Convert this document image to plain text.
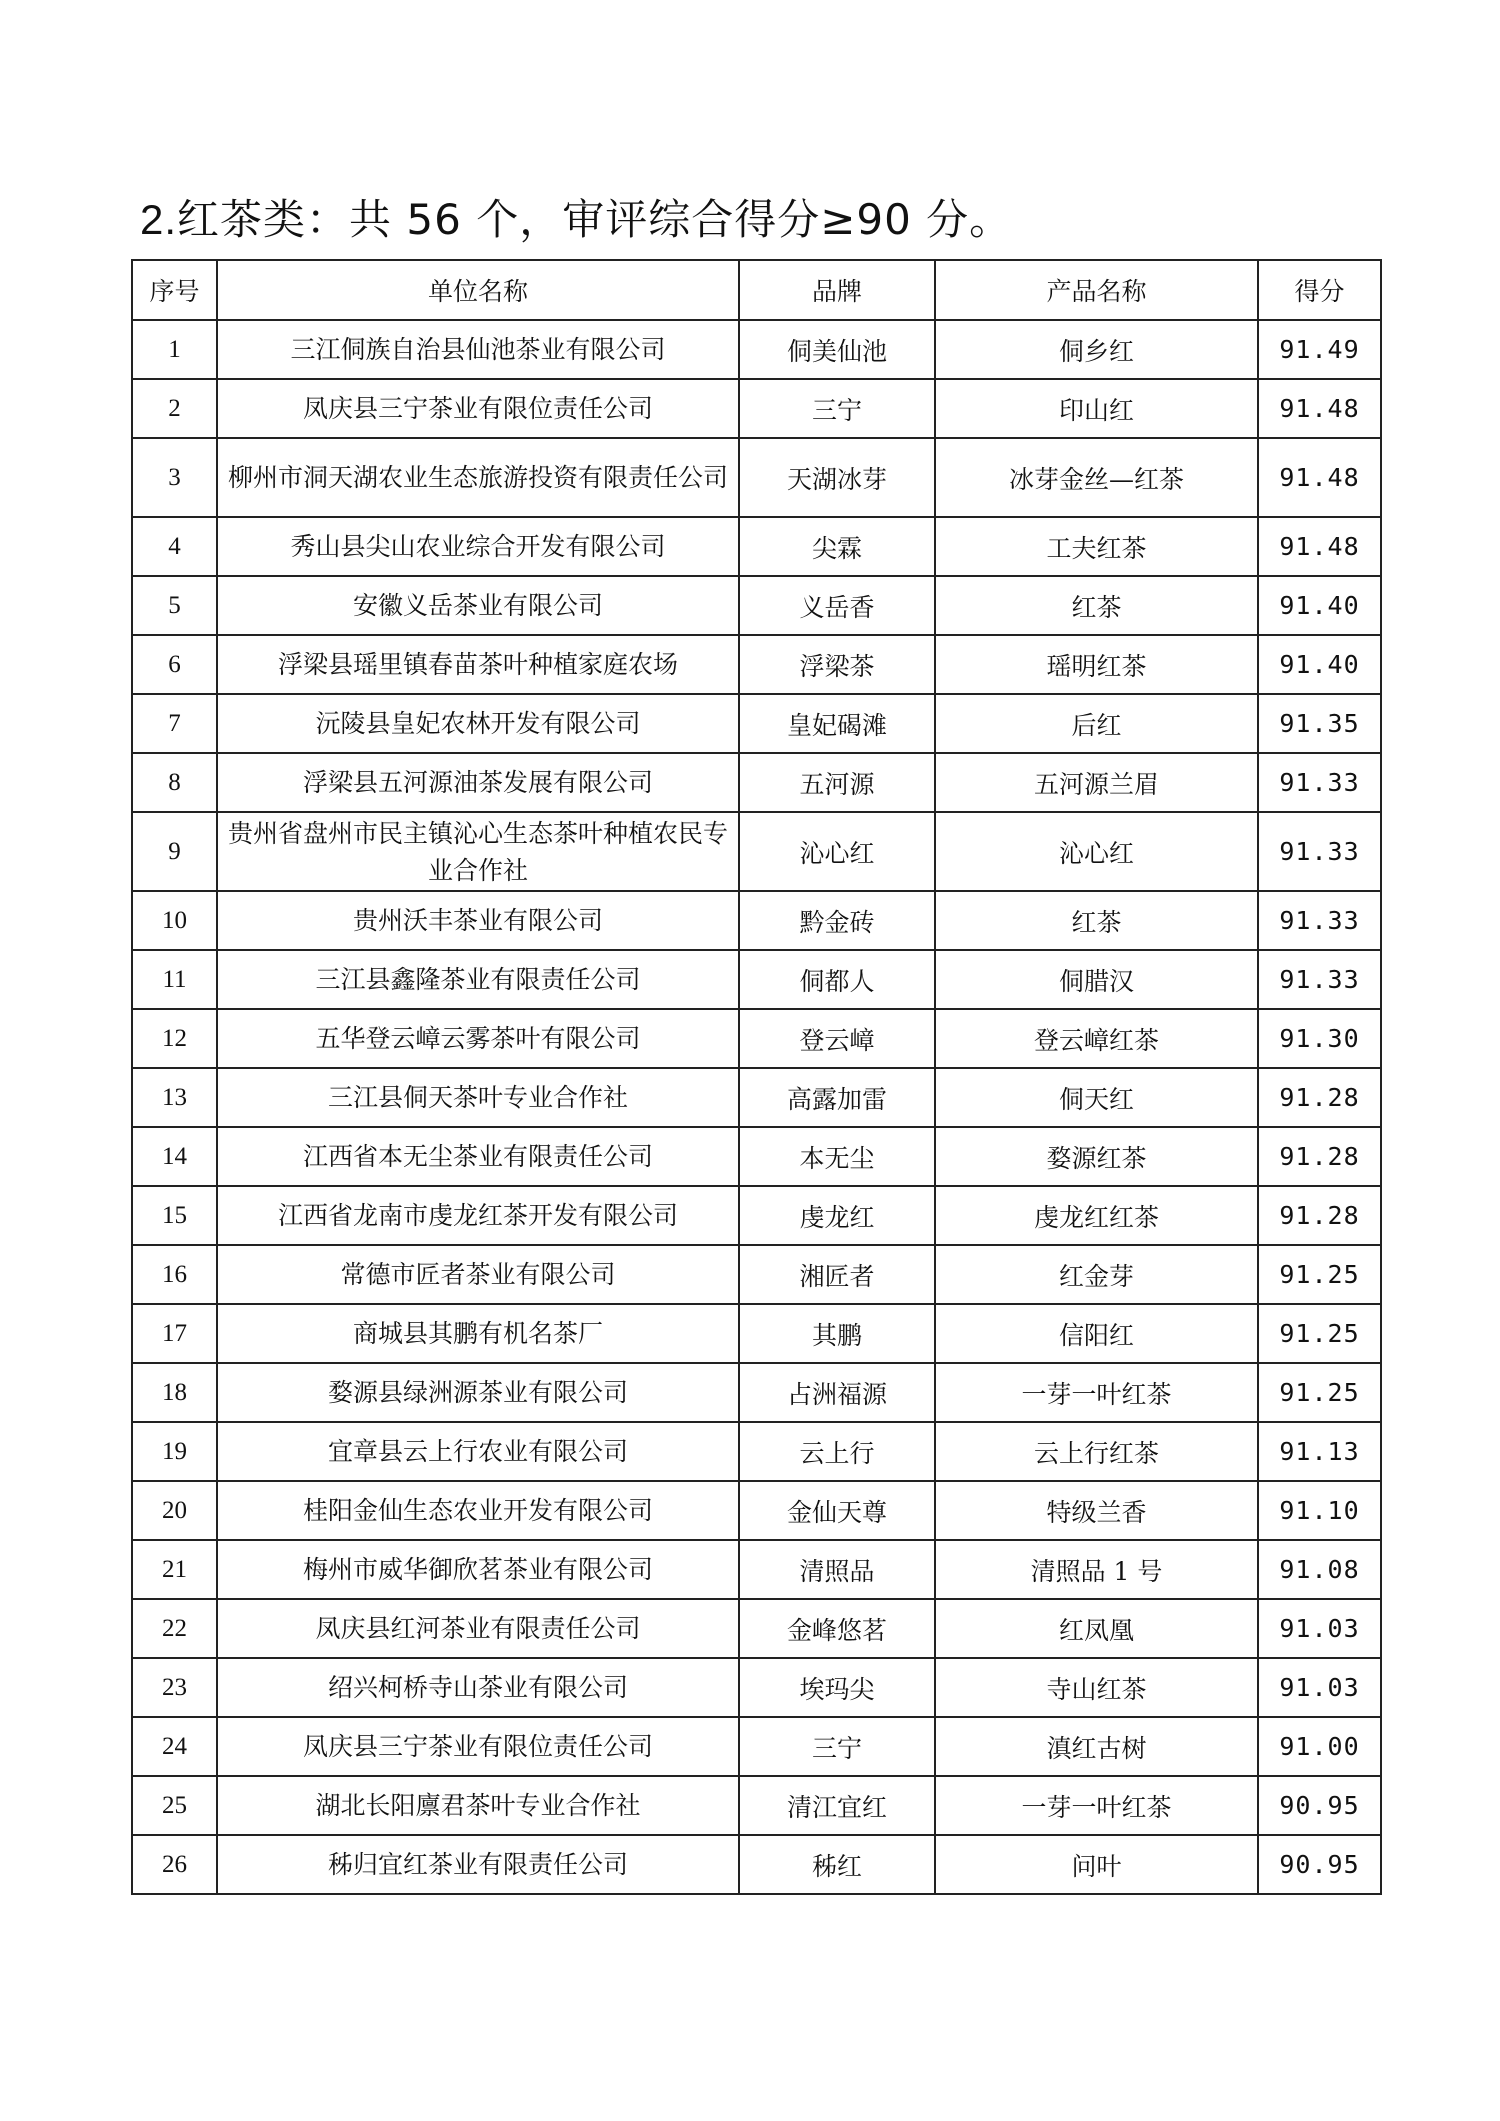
2.红茶类：共 56 个，审评综合得分≥90 分。
序号	单位名称	品牌	产品名称	得分
1	三江侗族自治县仙池茶业有限公司	侗美仙池	侗乡红	91.49
2	凤庆县三宁茶业有限位责任公司	三宁	印山红	91.48
3	柳州市洞天湖农业生态旅游投资有限责任公司	天湖冰芽	冰芽金丝—红茶	91.48
4	秀山县尖山农业综合开发有限公司	尖霖	工夫红茶	91.48
5	安徽义岳茶业有限公司	义岳香	红茶	91.40
6	浮梁县瑶里镇春苗茶叶种植家庭农场	浮梁茶	瑶明红茶	91.40
7	沅陵县皇妃农林开发有限公司	皇妃碣滩	后红	91.35
8	浮梁县五河源油茶发展有限公司	五河源	五河源兰眉	91.33
9	贵州省盘州市民主镇沁心生态茶叶种植农民专业合作社	沁心红	沁心红	91.33
10	贵州沃丰茶业有限公司	黔金砖	红茶	91.33
11	三江县鑫隆茶业有限责任公司	侗都人	侗腊汉	91.33
12	五华登云嶂云雾茶叶有限公司	登云嶂	登云嶂红茶	91.30
13	三江县侗天茶叶专业合作社	高露加雷	侗天红	91.28
14	江西省本无尘茶业有限责任公司	本无尘	婺源红茶	91.28
15	江西省龙南市虔龙红茶开发有限公司	虔龙红	虔龙红红茶	91.28
16	常德市匠者茶业有限公司	湘匠者	红金芽	91.25
17	商城县其鹏有机名茶厂	其鹏	信阳红	91.25
18	婺源县绿洲源茶业有限公司	占洲福源	一芽一叶红茶	91.25
19	宜章县云上行农业有限公司	云上行	云上行红茶	91.13
20	桂阳金仙生态农业开发有限公司	金仙天尊	特级兰香	91.10
21	梅州市威华御欣茗茶业有限公司	清照品	清照品 1 号	91.08
22	凤庆县红河茶业有限责任公司	金峰悠茗	红凤凰	91.03
23	绍兴柯桥寺山茶业有限公司	埃玛尖	寺山红茶	91.03
24	凤庆县三宁茶业有限位责任公司	三宁	滇红古树	91.00
25	湖北长阳廪君茶叶专业合作社	清江宜红	一芽一叶红茶	90.95
26	秭归宜红茶业有限责任公司	秭红	问叶	90.95
